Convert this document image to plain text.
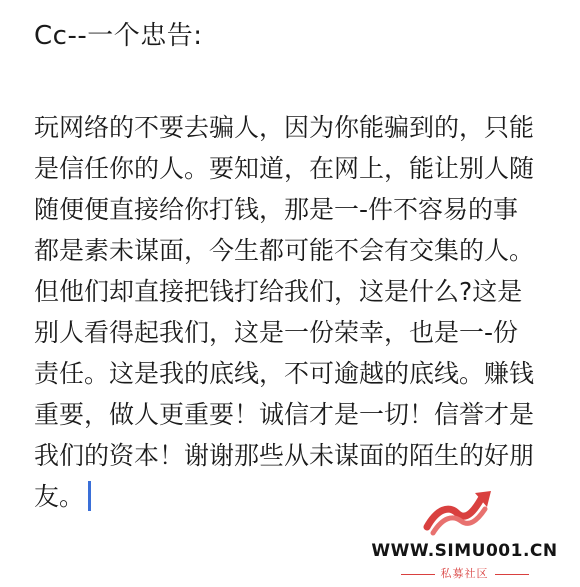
Cc--一个忠告:
玩网络的不要去骗人，因为你能骗到的，只能
是信任你的人。要知道，在网上，能让别人随
随便便直接给你打钱，那是一-件不容易的事
都是素未谋面，今生都可能不会有交集的人。
但他们却直接把钱打给我们，这是什么?这是
别人看得起我们，这是一份荣幸，也是一-份
责任。这是我的底线，不可逾越的底线。赚钱
重要，做人更重要！诚信才是一切！信誉才是
我们的资本！谢谢那些从未谋面的陌生的好朋
友。
WWW.SIMU001.CN
私募社区
